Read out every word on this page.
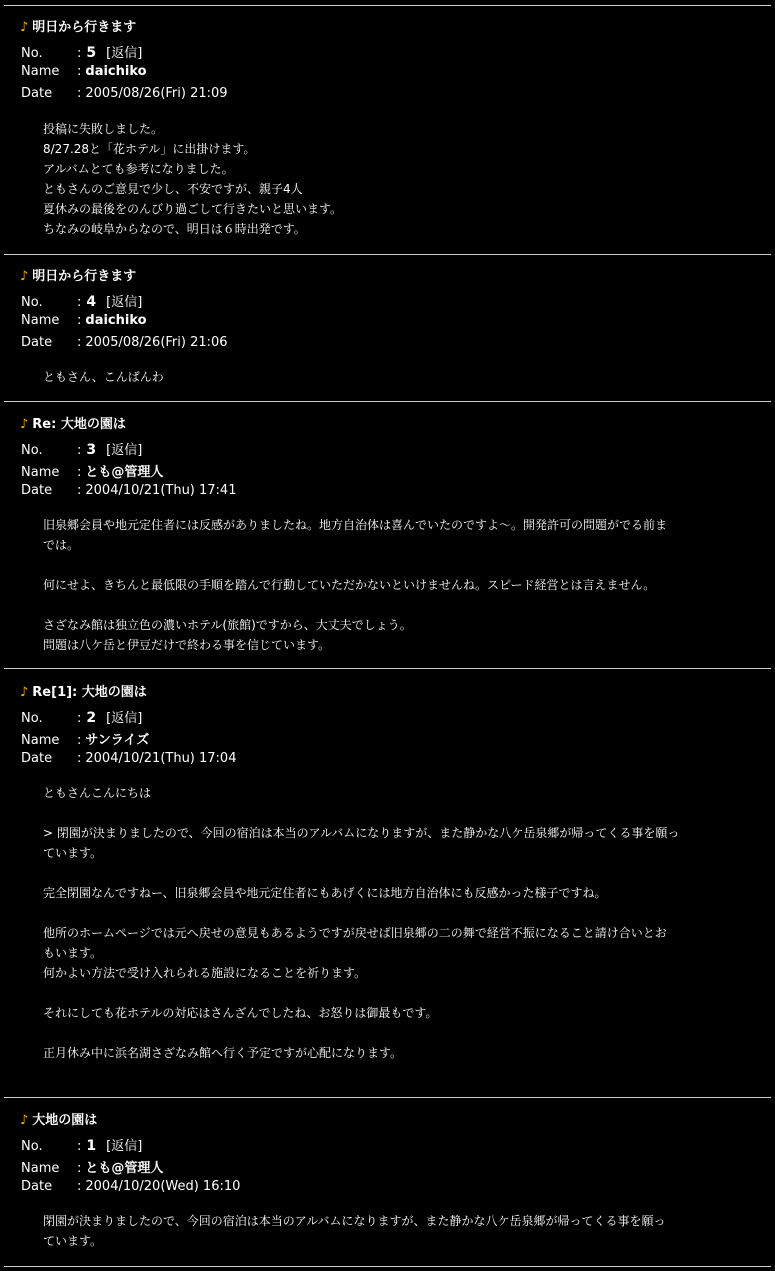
♪ 明日から行きます
No.	: 5 [返信]
Name : daichiko
Date : 2005/08/26(Fri) 21:09
投稿に失敗しました。
8/27.28と「花ホテル」に出掛けます。
アルバムとても参考になりました。
ともさんのご意見で少し、不安ですが、親子4人
夏休みの最後をのんびり過ごして行きたいと思います。
ちなみの岐阜からなので、明日は６時出発です。
♪ 明日から行きます
No.	: 4 [返信]
Name : daichiko
Date : 2005/08/26(Fri) 21:06
ともさん、こんばんわ
♪ Re: 大地の園は
No.	: 3 [返信]
Name : とも@管理人
Date : 2004/10/21(Thu) 17:41
旧泉郷会員や地元定住者には反感がありましたね。地方自治体は喜んでいたのですよ～。開発許可の問題がでる前ま
では。

何にせよ、きちんと最低限の手順を踏んで行動していただかないといけませんね。スピード経営とは言えません。

さざなみ館は独立色の濃いホテル(旅館)ですから、大丈夫でしょう。
問題は八ケ岳と伊豆だけで終わる事を信じています。
♪ Re[1]: 大地の園は
No.	: 2 [返信]
Name : サンライズ
Date : 2004/10/21(Thu) 17:04
ともさんこんにちは

> 閉園が決まりましたので、今回の宿泊は本当のアルバムになりますが、また静かな八ケ岳泉郷が帰ってくる事を願っ
ています。

完全閉園なんですねー、旧泉郷会員や地元定住者にもあげくには地方自治体にも反感かった様子ですね。

他所のホームページでは元へ戻せの意見もあるようですが戻せば旧泉郷の二の舞で経営不振になること請け合いとお
もいます。
何かよい方法で受け入れられる施設になることを祈ります。

それにしても花ホテルの対応はさんざんでしたね、お怒りは御最もです。

正月休み中に浜名湖さざなみ館へ行く予定ですが心配になります。
♪ 大地の園は
No.	: 1 [返信]
Name : とも@管理人
Date : 2004/10/20(Wed) 16:10
閉園が決まりましたので、今回の宿泊は本当のアルバムになりますが、また静かな八ケ岳泉郷が帰ってくる事を願っ
ています。
